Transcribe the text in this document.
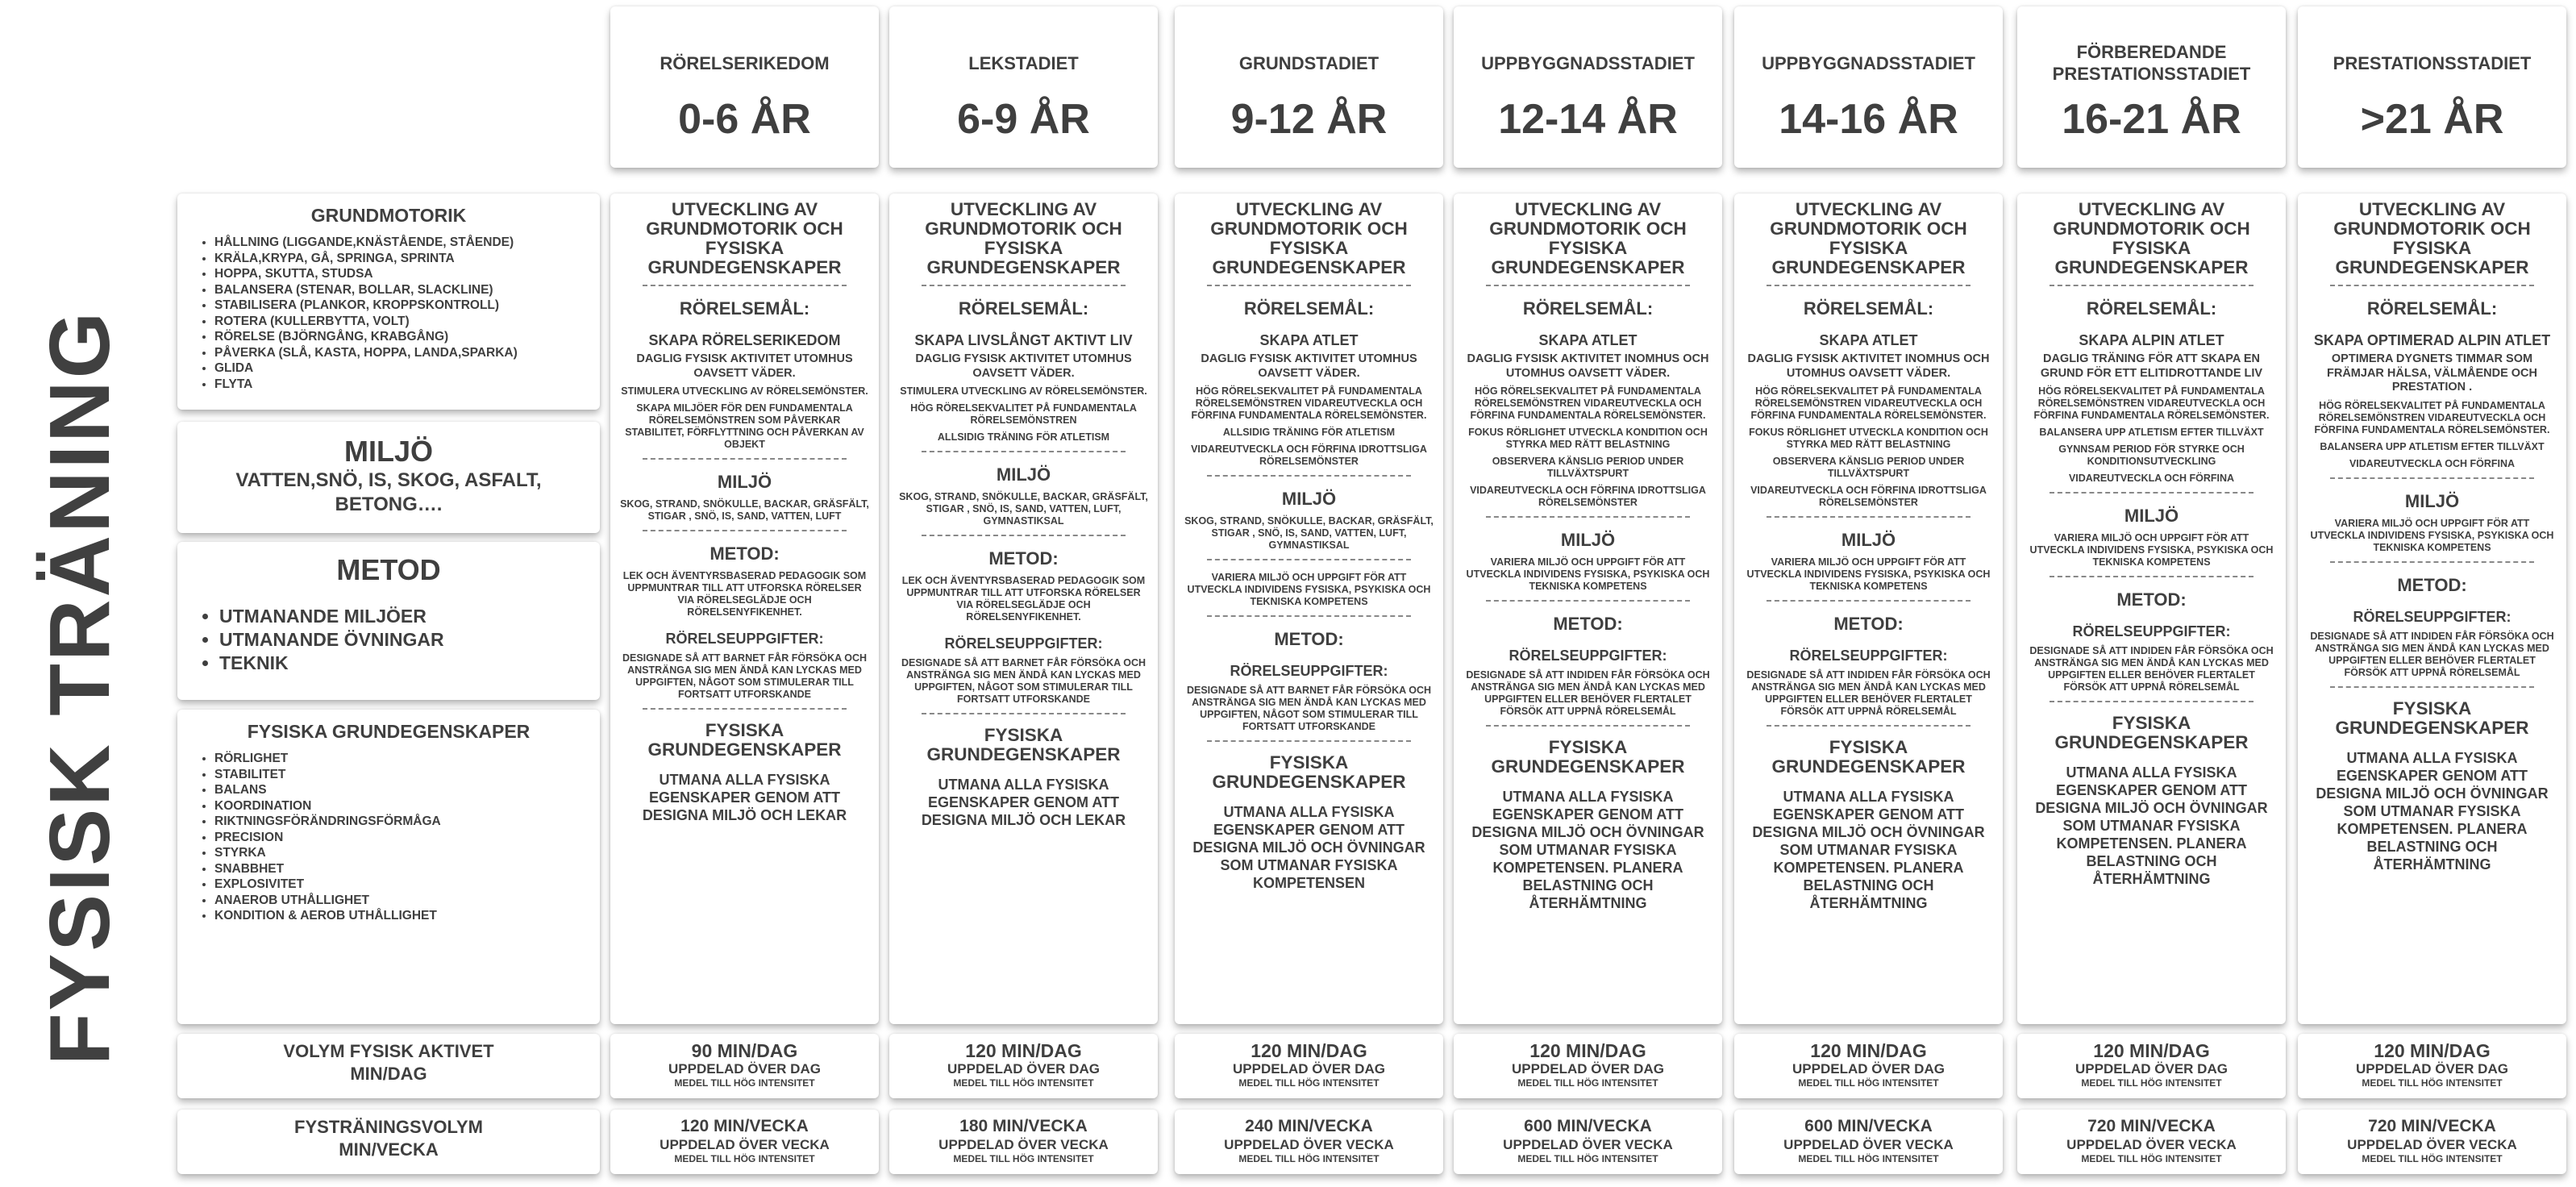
FYSISK TRÄNING
GRUNDMOTORIK
• HÅLLNING (LIGGANDE,KNÄSTÅENDE, STÅENDE)
• KRÄLA,KRYPA, GÅ, SPRINGA, SPRINTA
• HOPPA, SKUTTA, STUDSA
• BALANSERA (STENAR, BOLLAR, SLACKLINE)
• STABILISERA (PLANKOR, KROPPSKONTROLL)
• ROTERA (KULLERBYTTA, VOLT)
• RÖRELSE (BJÖRNGÅNG, KRABGÅNG)
• PÅVERKA (SLÅ, KASTA, HOPPA, LANDA,SPARKA)
• GLIDA
• FLYTA
MILJÖ
VATTEN,SNÖ, IS, SKOG, ASFALT, BETONG….
METOD
• UTMANANDE MILJÖER
• UTMANANDE ÖVNINGAR
• TEKNIK
FYSISKA GRUNDEGENSKAPER
• RÖRLIGHET
• STABILITET
• BALANS
• KOORDINATION
• RIKTNINGSFÖRÄNDRINGSFÖRMÅGA
• PRECISION
• STYRKA
• SNABBHET
• EXPLOSIVITET
• ANAEROB UTHÅLLIGHET
• KONDITION & AEROB UTHÅLLIGHET
VOLYM FYSISK AKTIVET MIN/DAG
FYSTRÄNINGSVOLYM MIN/VECKA
RÖRELSERIKEDOM
0-6 ÅR
UTVECKLING AV GRUNDMOTORIK OCH FYSISKA GRUNDEGENSKAPER
RÖRELSEMÅL:
SKAPA RÖRELSERIKEDOM
DAGLIG FYSISK AKTIVITET UTOMHUS OAVSETT VÄDER.
STIMULERA UTVECKLING AV RÖRELSEMÖNSTER.
SKAPA MILJÖER FÖR DEN FUNDAMENTALA RÖRELSEMÖNSTREN SOM PÅVERKAR STABILITET, FÖRFLYTTNING OCH PÅVERKAN AV OBJEKT
MILJÖ
SKOG, STRAND, SNÖKULLE, BACKAR, GRÄSFÄLT, STIGAR , SNÖ, IS, SAND, VATTEN, LUFT
METOD:
LEK OCH ÄVENTYRSBASERAD PEDAGOGIK SOM UPPMUNTRAR TILL ATT UTFORSKA RÖRELSER VIA RÖRELSEGLÄDJE OCH RÖRELSENYFIKENHET.
RÖRELSEUPPGIFTER:
DESIGNADE SÅ ATT BARNET FÅR FÖRSÖKA OCH ANSTRÄNGA SIG MEN ÄNDÅ KAN LYCKAS MED UPPGIFTEN, NÅGOT SOM STIMULERAR TILL FORTSATT UTFORSKANDE
FYSISKA GRUNDEGENSKAPER
UTMANA ALLA FYSISKA EGENSKAPER GENOM ATT DESIGNA MILJÖ OCH LEKAR
90 MIN/DAG
UPPDELAD ÖVER DAG
MEDEL TILL HÖG INTENSITET
120 MIN/VECKA
UPPDELAD ÖVER VECKA
MEDEL TILL HÖG INTENSITET
LEKSTADIET
6-9 ÅR
UTVECKLING AV GRUNDMOTORIK OCH FYSISKA GRUNDEGENSKAPER
RÖRELSEMÅL:
SKAPA LIVSLÅNGT AKTIVT LIV
DAGLIG FYSISK AKTIVITET UTOMHUS OAVSETT VÄDER.
STIMULERA UTVECKLING AV RÖRELSEMÖNSTER.
HÖG RÖRELSEKVALITET PÅ FUNDAMENTALA RÖRELSEMÖNSTREN
ALLSIDIG TRÄNING FÖR ATLETISM
MILJÖ
SKOG, STRAND, SNÖKULLE, BACKAR, GRÄSFÄLT, STIGAR , SNÖ, IS, SAND, VATTEN, LUFT, GYMNASTIKSAL
METOD:
LEK OCH ÄVENTYRSBASERAD PEDAGOGIK SOM UPPMUNTRAR TILL ATT UTFORSKA RÖRELSER VIA RÖRELSEGLÄDJE OCH RÖRELSENYFIKENHET.
RÖRELSEUPPGIFTER:
DESIGNADE SÅ ATT BARNET FÅR FÖRSÖKA OCH ANSTRÄNGA SIG MEN ÄNDÅ KAN LYCKAS MED UPPGIFTEN, NÅGOT SOM STIMULERAR TILL FORTSATT UTFORSKANDE
FYSISKA GRUNDEGENSKAPER
UTMANA ALLA FYSISKA EGENSKAPER GENOM ATT DESIGNA MILJÖ OCH LEKAR
120 MIN/DAG
UPPDELAD ÖVER DAG
MEDEL TILL HÖG INTENSITET
180 MIN/VECKA
UPPDELAD ÖVER VECKA
MEDEL TILL HÖG INTENSITET
GRUNDSTADIET
9-12 ÅR
UTVECKLING AV GRUNDMOTORIK OCH FYSISKA GRUNDEGENSKAPER
RÖRELSEMÅL:
SKAPA ATLET
DAGLIG FYSISK AKTIVITET UTOMHUS OAVSETT VÄDER.
HÖG RÖRELSEKVALITET PÅ FUNDAMENTALA RÖRELSEMÖNSTREN VIDAREUTVECKLA OCH FÖRFINA FUNDAMENTALA RÖRELSEMÖNSTER.
ALLSIDIG TRÄNING FÖR ATLETISM
VIDAREUTVECKLA OCH FÖRFINA IDROTTSLIGA RÖRELSEMÖNSTER
MILJÖ
SKOG, STRAND, SNÖKULLE, BACKAR, GRÄSFÄLT, STIGAR , SNÖ, IS, SAND, VATTEN, LUFT, GYMNASTIKSAL
VARIERA MILJÖ OCH UPPGIFT FÖR ATT UTVECKLA INDIVIDENS FYSISKA, PSYKISKA OCH TEKNISKA KOMPETENS
METOD:
RÖRELSEUPPGIFTER:
DESIGNADE SÅ ATT BARNET FÅR FÖRSÖKA OCH ANSTRÄNGA SIG MEN ÄNDÅ KAN LYCKAS MED UPPGIFTEN, NÅGOT SOM STIMULERAR TILL FORTSATT UTFORSKANDE
FYSISKA GRUNDEGENSKAPER
UTMANA ALLA FYSISKA EGENSKAPER GENOM ATT DESIGNA MILJÖ OCH ÖVNINGAR SOM UTMANAR FYSISKA KOMPETENSEN
120 MIN/DAG
UPPDELAD ÖVER DAG
MEDEL TILL HÖG INTENSITET
240 MIN/VECKA
UPPDELAD ÖVER VECKA
MEDEL TILL HÖG INTENSITET
UPPBYGGNADSSTADIET
12-14 ÅR
UTVECKLING AV GRUNDMOTORIK OCH FYSISKA GRUNDEGENSKAPER
RÖRELSEMÅL:
SKAPA ATLET
DAGLIG FYSISK AKTIVITET INOMHUS OCH UTOMHUS OAVSETT VÄDER.
HÖG RÖRELSEKVALITET PÅ FUNDAMENTALA RÖRELSEMÖNSTREN VIDAREUTVECKLA OCH FÖRFINA FUNDAMENTALA RÖRELSEMÖNSTER.
FOKUS RÖRLIGHET UTVECKLA KONDITION OCH STYRKA MED RÄTT BELASTNING
OBSERVERA KÄNSLIG PERIOD UNDER TILLVÄXTSPURT
VIDAREUTVECKLA OCH FÖRFINA IDROTTSLIGA RÖRELSEMÖNSTER
MILJÖ
VARIERA MILJÖ OCH UPPGIFT FÖR ATT UTVECKLA INDIVIDENS FYSISKA, PSYKISKA OCH TEKNISKA KOMPETENS
METOD:
RÖRELSEUPPGIFTER:
DESIGNADE SÅ ATT INDIDEN FÅR FÖRSÖKA OCH ANSTRÄNGA SIG MEN ÄNDÅ KAN LYCKAS MED UPPGIFTEN ELLER BEHÖVER FLERTALET FÖRSÖK ATT UPPNÅ RÖRELSEMÅL
FYSISKA GRUNDEGENSKAPER
UTMANA ALLA FYSISKA EGENSKAPER GENOM ATT DESIGNA MILJÖ OCH ÖVNINGAR SOM UTMANAR FYSISKA KOMPETENSEN. PLANERA BELASTNING OCH ÅTERHÄMTNING
120 MIN/DAG
UPPDELAD ÖVER DAG
MEDEL TILL HÖG INTENSITET
600 MIN/VECKA
UPPDELAD ÖVER VECKA
MEDEL TILL HÖG INTENSITET
UPPBYGGNADSSTADIET
14-16 ÅR
UTVECKLING AV GRUNDMOTORIK OCH FYSISKA GRUNDEGENSKAPER
RÖRELSEMÅL:
SKAPA ATLET
DAGLIG FYSISK AKTIVITET INOMHUS OCH UTOMHUS OAVSETT VÄDER.
HÖG RÖRELSEKVALITET PÅ FUNDAMENTALA RÖRELSEMÖNSTREN VIDAREUTVECKLA OCH FÖRFINA FUNDAMENTALA RÖRELSEMÖNSTER.
FOKUS RÖRLIGHET UTVECKLA KONDITION OCH STYRKA MED RÄTT BELASTNING
OBSERVERA KÄNSLIG PERIOD UNDER TILLVÄXTSPURT
VIDAREUTVECKLA OCH FÖRFINA IDROTTSLIGA RÖRELSEMÖNSTER
MILJÖ
VARIERA MILJÖ OCH UPPGIFT FÖR ATT UTVECKLA INDIVIDENS FYSISKA, PSYKISKA OCH TEKNISKA KOMPETENS
METOD:
RÖRELSEUPPGIFTER:
DESIGNADE SÅ ATT INDIDEN FÅR FÖRSÖKA OCH ANSTRÄNGA SIG MEN ÄNDÅ KAN LYCKAS MED UPPGIFTEN ELLER BEHÖVER FLERTALET FÖRSÖK ATT UPPNÅ RÖRELSEMÅL
FYSISKA GRUNDEGENSKAPER
UTMANA ALLA FYSISKA EGENSKAPER GENOM ATT DESIGNA MILJÖ OCH ÖVNINGAR SOM UTMANAR FYSISKA KOMPETENSEN. PLANERA BELASTNING OCH ÅTERHÄMTNING
120 MIN/DAG
UPPDELAD ÖVER DAG
MEDEL TILL HÖG INTENSITET
600 MIN/VECKA
UPPDELAD ÖVER VECKA
MEDEL TILL HÖG INTENSITET
FÖRBEREDANDE PRESTATIONSSTADIET
16-21 ÅR
UTVECKLING AV GRUNDMOTORIK OCH FYSISKA GRUNDEGENSKAPER
RÖRELSEMÅL:
SKAPA ALPIN ATLET
DAGLIG TRÄNING FÖR ATT SKAPA EN GRUND FÖR ETT ELITIDROTTANDE LIV
HÖG RÖRELSEKVALITET PÅ FUNDAMENTALA RÖRELSEMÖNSTREN VIDAREUTVECKLA OCH FÖRFINA FUNDAMENTALA RÖRELSEMÖNSTER.
BALANSERA UPP ATLETISM EFTER TILLVÄXT
GYNNSAM PERIOD FÖR STYRKE OCH KONDITIONSUTVECKLING
VIDAREUTVECKLA OCH FÖRFINA
MILJÖ
VARIERA MILJÖ OCH UPPGIFT FÖR ATT UTVECKLA INDIVIDENS FYSISKA, PSYKISKA OCH TEKNISKA KOMPETENS
METOD:
RÖRELSEUPPGIFTER:
DESIGNADE SÅ ATT INDIDEN FÅR FÖRSÖKA OCH ANSTRÄNGA SIG MEN ÄNDÅ KAN LYCKAS MED UPPGIFTEN ELLER BEHÖVER FLERTALET FÖRSÖK ATT UPPNÅ RÖRELSEMÅL
FYSISKA GRUNDEGENSKAPER
UTMANA ALLA FYSISKA EGENSKAPER GENOM ATT DESIGNA MILJÖ OCH ÖVNINGAR SOM UTMANAR FYSISKA KOMPETENSEN. PLANERA BELASTNING OCH ÅTERHÄMTNING
120 MIN/DAG
UPPDELAD ÖVER DAG
MEDEL TILL HÖG INTENSITET
720 MIN/VECKA
UPPDELAD ÖVER VECKA
MEDEL TILL HÖG INTENSITET
PRESTATIONSSTADIET
>21 ÅR
UTVECKLING AV GRUNDMOTORIK OCH FYSISKA GRUNDEGENSKAPER
RÖRELSEMÅL:
SKAPA OPTIMERAD ALPIN ATLET
OPTIMERA DYGNETS TIMMAR SOM FRÄMJAR HÄLSA, VÄLMÅENDE OCH PRESTATION .
HÖG RÖRELSEKVALITET PÅ FUNDAMENTALA RÖRELSEMÖNSTREN VIDAREUTVECKLA OCH FÖRFINA FUNDAMENTALA RÖRELSEMÖNSTER.
BALANSERA UPP ATLETISM EFTER TILLVÄXT
VIDAREUTVECKLA OCH FÖRFINA
MILJÖ
VARIERA MILJÖ OCH UPPGIFT FÖR ATT UTVECKLA INDIVIDENS FYSISKA, PSYKISKA OCH TEKNISKA KOMPETENS
METOD:
RÖRELSEUPPGIFTER:
DESIGNADE SÅ ATT INDIDEN FÅR FÖRSÖKA OCH ANSTRÄNGA SIG MEN ÄNDÅ KAN LYCKAS MED UPPGIFTEN ELLER BEHÖVER FLERTALET FÖRSÖK ATT UPPNÅ RÖRELSEMÅL
FYSISKA GRUNDEGENSKAPER
UTMANA ALLA FYSISKA EGENSKAPER GENOM ATT DESIGNA MILJÖ OCH ÖVNINGAR SOM UTMANAR FYSISKA KOMPETENSEN. PLANERA BELASTNING OCH ÅTERHÄMTNING
120 MIN/DAG
UPPDELAD ÖVER DAG
MEDEL TILL HÖG INTENSITET
720 MIN/VECKA
UPPDELAD ÖVER VECKA
MEDEL TILL HÖG INTENSITET
